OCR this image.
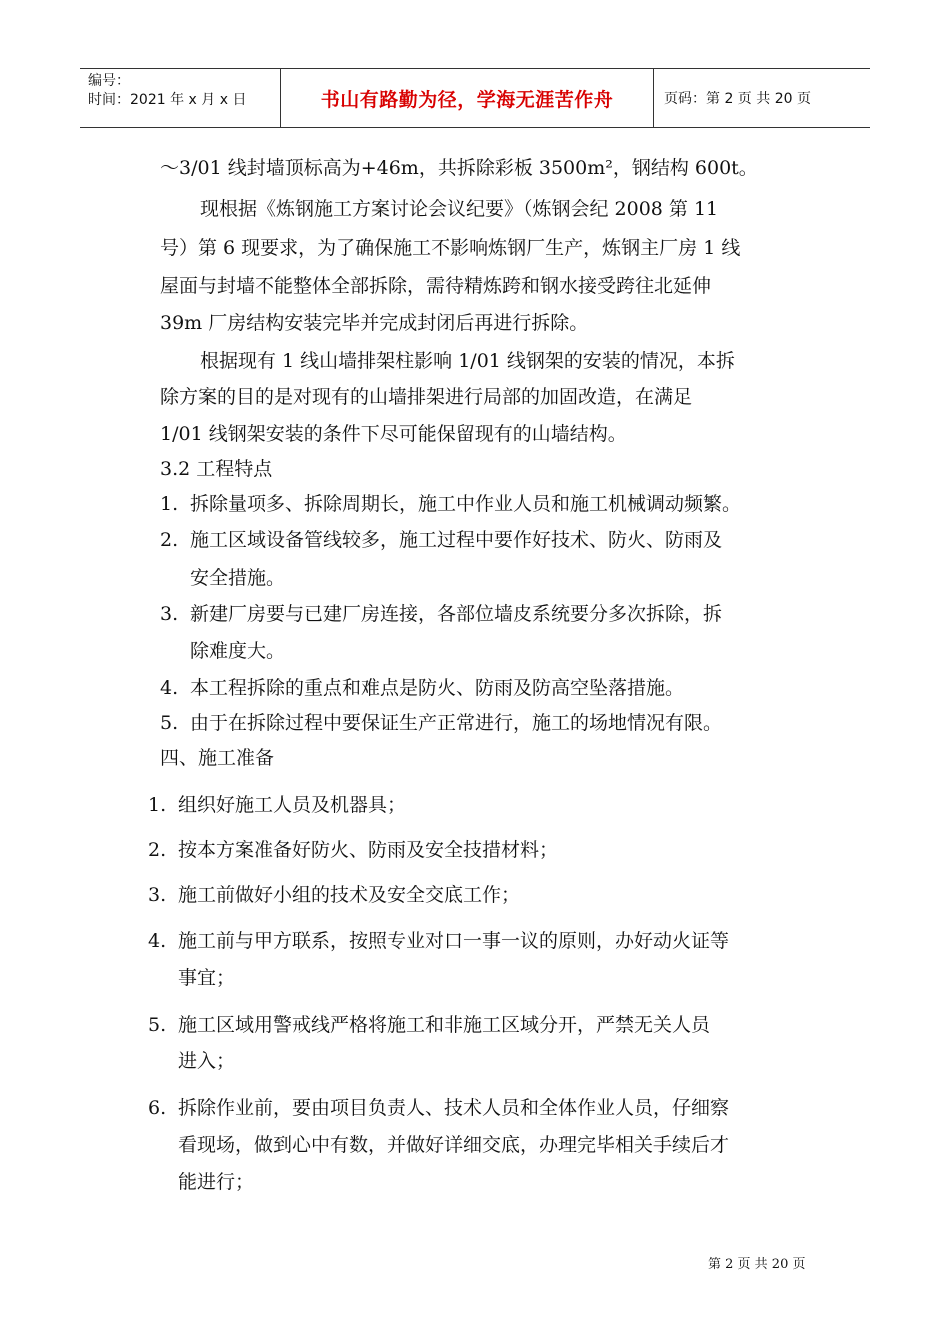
编号：
时间：2021 年 x 月 x 日	书山有路勤为径，学海无涯苦作舟	页码：第 2 页 共 20 页
～3/01 线封墙顶标高为+46m，共拆除彩板 3500m²，钢结构 600t。
现根据《炼钢施工方案讨论会议纪要》（炼钢会纪 2008 第 11
号）第 6 现要求，为了确保施工不影响炼钢厂生产，炼钢主厂房 1 线
屋面与封墙不能整体全部拆除，需待精炼跨和钢水接受跨往北延伸
39m 厂房结构安装完毕并完成封闭后再进行拆除。
根据现有 1 线山墙排架柱影响 1/01 线钢架的安装的情况，本拆
除方案的目的是对现有的山墙排架进行局部的加固改造，在满足
1/01 线钢架安装的条件下尽可能保留现有的山墙结构。
3.2 工程特点
1. 拆除量项多、拆除周期长，施工中作业人员和施工机械调动频繁。
2. 施工区域设备管线较多，施工过程中要作好技术、防火、防雨及
安全措施。
3. 新建厂房要与已建厂房连接，各部位墙皮系统要分多次拆除，拆
除难度大。
4. 本工程拆除的重点和难点是防火、防雨及防高空坠落措施。
5. 由于在拆除过程中要保证生产正常进行，施工的场地情况有限。
四、施工准备
1. 组织好施工人员及机器具；
2. 按本方案准备好防火、防雨及安全技措材料；
3. 施工前做好小组的技术及安全交底工作；
4. 施工前与甲方联系，按照专业对口一事一议的原则，办好动火证等
事宜；
5. 施工区域用警戒线严格将施工和非施工区域分开，严禁无关人员
进入；
6. 拆除作业前，要由项目负责人、技术人员和全体作业人员，仔细察
看现场，做到心中有数，并做好详细交底，办理完毕相关手续后才
能进行；
第 2 页 共 20 页
